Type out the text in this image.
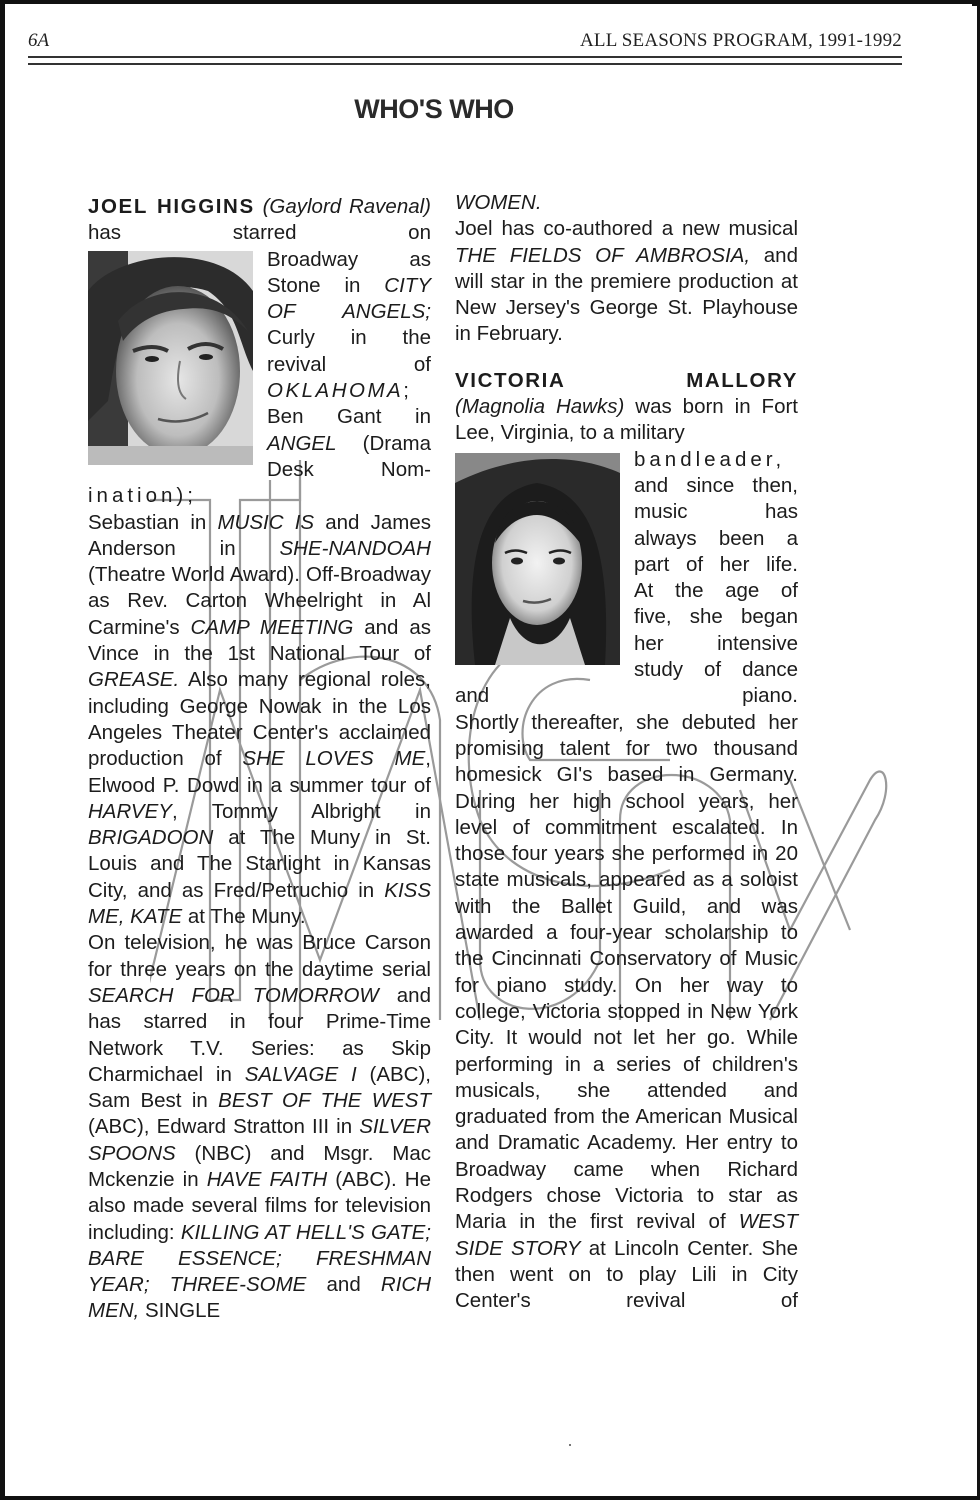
6A	ALL SEASONS PROGRAM, 1991-1992
WHO'S WHO

JOEL HIGGINS (Gaylord Ravenal) has starred on

Broadway as

Stone in CITY

OF ANGELS;

Curly in the

revival of

OKLAHOMA;

Ben Gant in

ANGEL (Drama

Desk Nom-

ination);

Sebastian in MUSIC IS and James Anderson in SHE-NANDOAH (Theatre World Award). Off-Broadway as Rev. Carton Wheelright in Al Carmine's CAMP MEETING and as Vince in the 1st National Tour of GREASE. Also many regional roles, including George Nowak in the Los Angeles Theater Center's acclaimed production of SHE LOVES ME, Elwood P. Dowd in a summer tour of HARVEY, Tommy Albright in BRIGADOON at The Muny in St. Louis and The Starlight in Kansas City, and as Fred/Petruchio in KISS ME, KATE at The Muny.

On television, he was Bruce Carson for three years on the daytime serial SEARCH FOR TOMORROW and has starred in four Prime-Time Network T.V. Series: as Skip Charmichael in SALVAGE I (ABC), Sam Best in BEST OF THE WEST (ABC), Edward Stratton III in SILVER SPOONS (NBC) and Msgr. Mac Mckenzie in HAVE FAITH (ABC). He also made several films for television including: KILLING AT HELL'S GATE; BARE ESSENCE; FRESHMAN YEAR; THREE-SOME and RICH MEN, SINGLE

WOMEN.

Joel has co-authored a new musical THE FIELDS OF AMBROSIA, and will star in the premiere production at New Jersey's George St. Playhouse in February.

VICTORIA MALLORY

(Magnolia Hawks) was born in Fort Lee, Virginia, to a military

bandleader,

and since then,

music has

always been a

part of her life.

At the age of

five, she began

her intensive

study of dance

and piano.

Shortly thereafter, she debuted her promising talent for two thousand homesick GI's based in Germany. During her high school years, her level of commitment escalated. In those four years she performed in 20 state musicals, appeared as a soloist with the Ballet Guild, and was awarded a four-year scholarship to the Cincinnati Conservatory of Music for piano study. On her way to college, Victoria stopped in New York City. It would not let her go. While performing in a series of children's musicals, she attended and graduated from the American Musical and Dramatic Academy. Her entry to Broadway came when Richard Rodgers chose Victoria to star as Maria in the first revival of WEST SIDE STORY at Lincoln Center. She then went on to play Lili in City Center's revival of
